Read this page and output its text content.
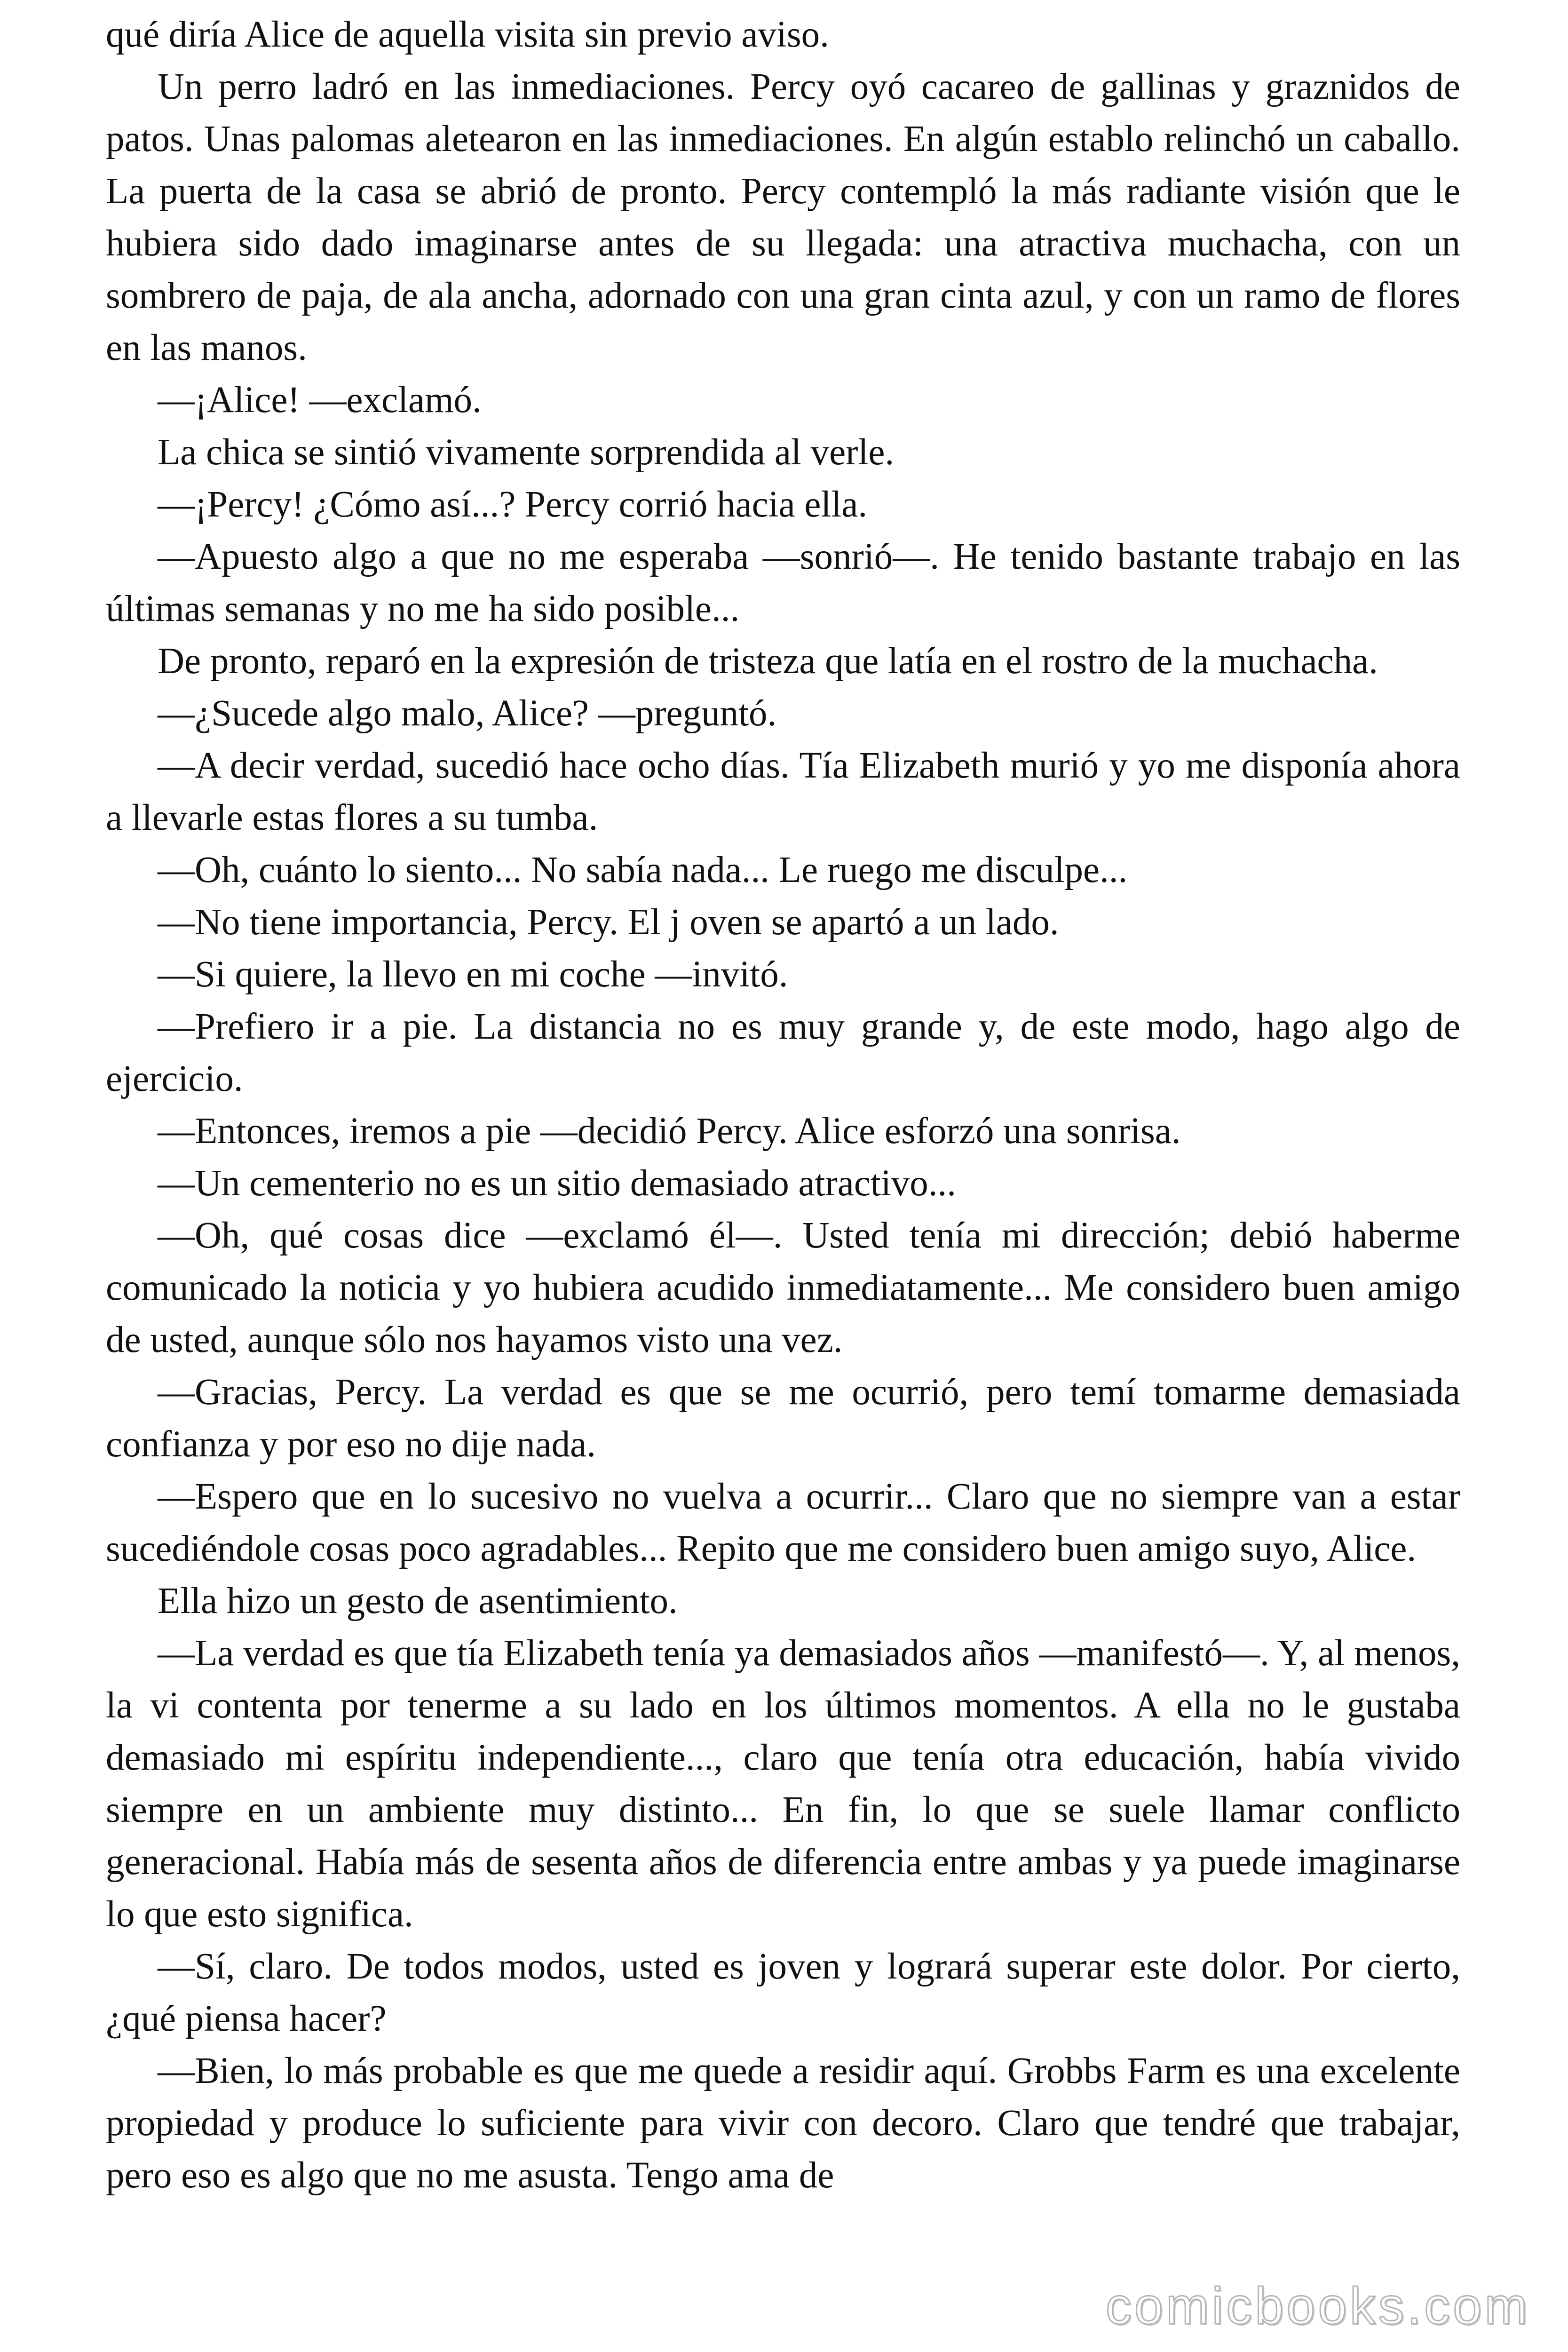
qué diría Alice de aquella visita sin previo aviso.

Un perro ladró en las inmediaciones. Percy oyó cacareo de gallinas y graznidos de patos. Unas palomas aletearon en las inmediaciones. En algún establo relinchó un caballo. La puerta de la casa se abrió de pronto. Percy contempló la más radiante visión que le hubiera sido dado imaginarse antes de su llegada: una atractiva muchacha, con un sombrero de paja, de ala ancha, adornado con una gran cinta azul, y con un ramo de flores en las manos.

—¡Alice! —exclamó.

La chica se sintió vivamente sorprendida al verle.

—¡Percy! ¿Cómo así...? Percy corrió hacia ella.

—Apuesto algo a que no me esperaba —sonrió—. He tenido bastante trabajo en las últimas semanas y no me ha sido posible...

De pronto, reparó en la expresión de tristeza que latía en el rostro de la muchacha.

—¿Sucede algo malo, Alice? —preguntó.

—A decir verdad, sucedió hace ocho días. Tía Elizabeth murió y yo me disponía ahora a llevarle estas flores a su tumba.

—Oh, cuánto lo siento... No sabía nada... Le ruego me disculpe...

—No tiene importancia, Percy. El j oven se apartó a un lado.

—Si quiere, la llevo en mi coche —invitó.

—Prefiero ir a pie. La distancia no es muy grande y, de este modo, hago algo de ejercicio.

—Entonces, iremos a pie —decidió Percy. Alice esforzó una sonrisa.

—Un cementerio no es un sitio demasiado atractivo...

—Oh, qué cosas dice —exclamó él—. Usted tenía mi dirección; debió haberme comunicado la noticia y yo hubiera acudido inmediatamente... Me considero buen amigo de usted, aunque sólo nos hayamos visto una vez.

—Gracias, Percy. La verdad es que se me ocurrió, pero temí tomarme demasiada confianza y por eso no dije nada.

—Espero que en lo sucesivo no vuelva a ocurrir... Claro que no siempre van a estar sucediéndole cosas poco agradables... Repito que me considero buen amigo suyo, Alice.

Ella hizo un gesto de asentimiento.

—La verdad es que tía Elizabeth tenía ya demasiados años —manifestó—. Y, al menos, la vi contenta por tenerme a su lado en los últimos momentos. A ella no le gustaba demasiado mi espíritu independiente..., claro que tenía otra educación, había vivido siempre en un ambiente muy distinto... En fin, lo que se suele llamar conflicto generacional. Había más de sesenta años de diferencia entre ambas y ya puede imaginarse lo que esto significa.

—Sí, claro. De todos modos, usted es joven y logrará superar este dolor. Por cierto, ¿qué piensa hacer?

—Bien, lo más probable es que me quede a residir aquí. Grobbs Farm es una excelente propiedad y produce lo suficiente para vivir con decoro. Claro que tendré que trabajar, pero eso es algo que no me asusta. Tengo ama de

comicbooks.com
